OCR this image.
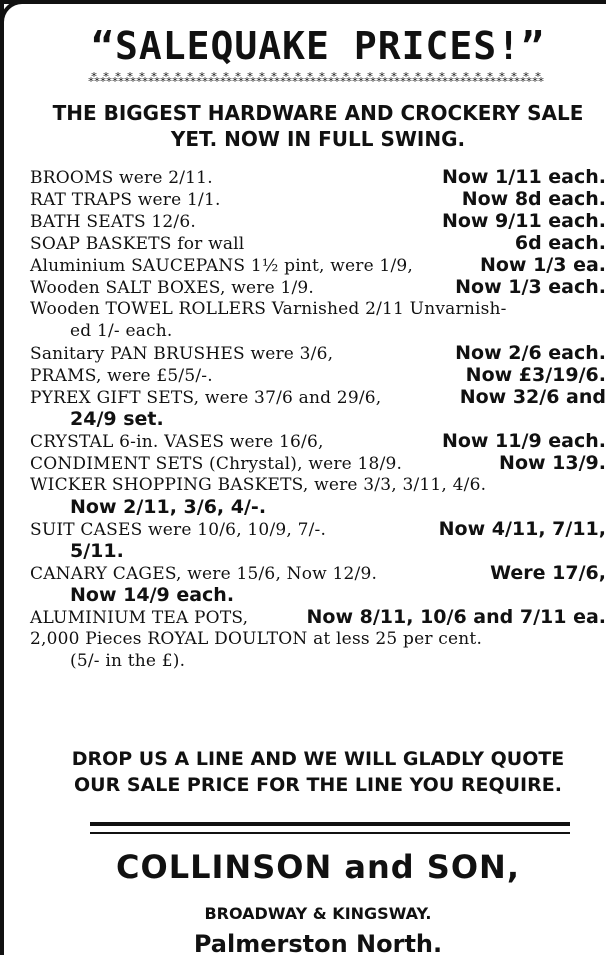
“SALEQUAKE PRICES!”
⁂⁂⁂⁂⁂⁂⁂⁂⁂⁂⁂⁂⁂⁂⁂⁂⁂⁂⁂⁂⁂⁂⁂⁂⁂⁂⁂⁂⁂⁂⁂⁂⁂⁂⁂⁂⁂⁂
THE BIGGEST HARDWARE AND CROCKERY SALE
YET. NOW IN FULL SWING.
BROOMS were 2/11.	Now 1/11 each.
RAT TRAPS were 1/1.	Now 8d each.
BATH SEATS 12/6.	Now 9/11 each.
SOAP BASKETS for wall	6d each.
Aluminium SAUCEPANS 1½ pint, were 1/9,	Now 1/3 ea.
Wooden SALT BOXES, were 1/9.	Now 1/3 each.
Wooden TOWEL ROLLERS Varnished 2/11 Unvarnish-
ed 1/- each.
Sanitary PAN BRUSHES were 3/6,	Now 2/6 each.
PRAMS, were £5/5/-.	Now £3/19/6.
PYREX GIFT SETS, were 37/6 and 29/6,	Now 32/6 and
24/9 set.
CRYSTAL 6-in. VASES were 16/6,	Now 11/9 each.
CONDIMENT SETS (Chrystal), were 18/9.	Now 13/9.
WICKER SHOPPING BASKETS, were 3/3, 3/11, 4/6.
Now 2/11, 3/6, 4/-.
SUIT CASES were 10/6, 10/9, 7/-.	Now 4/11, 7/11,
5/11.
CANARY CAGES, were 15/6, Now 12/9.	Were 17/6,
Now 14/9 each.
ALUMINIUM TEA POTS,	Now 8/11, 10/6 and 7/11 ea.
2,000 Pieces ROYAL DOULTON at less 25 per cent.
(5/- in the £).
DROP US A LINE AND WE WILL GLADLY QUOTE
OUR SALE PRICE FOR THE LINE YOU REQUIRE.
COLLINSON and SON,
BROADWAY & KINGSWAY.
Palmerston North.
